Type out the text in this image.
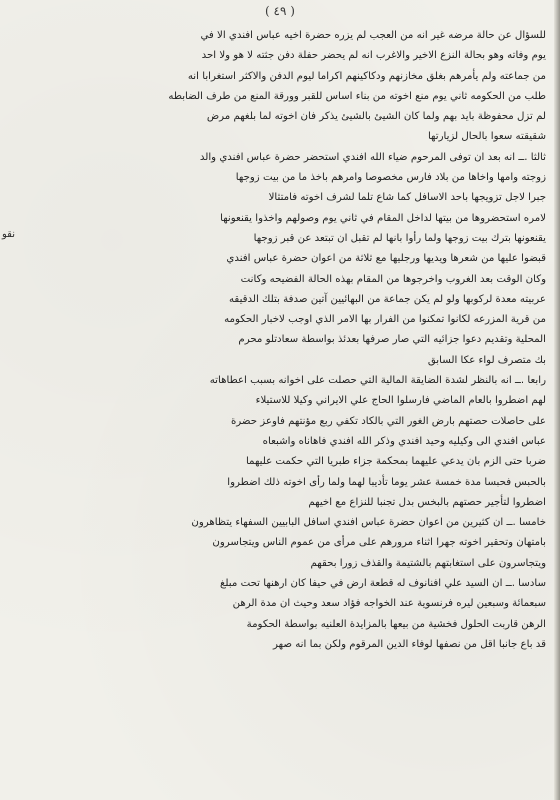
( ٤٩ )
نقو
للسؤال عن حالة مرضه غير انه من العجب لم يزره حضرة اخيه عباس افندي الا في
يوم وفاته وهو بحالة النزع الاخير والاغرب انه لم يحضر حفلة دفن جثته لا هو ولا احد
من جماعته ولم يأمرهم بغلق مخازنهم ودكاكينهم اكراما ليوم الدفن والاكثر استغرابا انه
طلب من الحكومه ثاني يوم منع اخوته من بناء اساس للقبر وورقة المنع من طرف الضابطه
لم تزل محفوظة بايد بهم ولما كان الشيئ بالشيئ يذكر فان اخوته لما بلغهم مرض
شقيقته سعوا بالحال لزيارتها
ثالثا .ــ انه بعد ان توفى المرحوم ضياء الله افندي استحضر حضرة عباس افندي والد
زوجته وامها واخاها من بلاد فارس مخصوصا وامرهم باخذ ما من بيت زوجها
جبرا لاجل تزويجها باحد الاسافل كما شاع تلما لشرف اخوته فامتثالا
لامره استحضروها من بيتها لداخل المقام في ثاني يوم وصولهم واخذوا يقنعونها
يقنعونها بترك بيت زوجها ولما رأوا بانها لم تقبل ان تبتعد عن قبر زوجها
قبضوا عليها من شعرها ويديها ورجليها مع ثلاثة من اعوان حضرة عباس افندي
وكان الوقت بعد الغروب واخرجوها من المقام بهذه الحالة الفضيحه وكانت
عربيته معدة لركوبها ولو لم يكن جماعة من البهائيين آتين صدفة بتلك الدقيقه
من قرية المزرعه لكانوا تمكنوا من الفرار بها الامر الذي اوجب لاخبار الحكومه
المحلية وتقديم دعوا جزائيه التي صار صرفها بعدئذ بواسطة سعادتلو محرم
بك متصرف لواء عكا السابق
رابعا .ــ انه بالنظر لشدة الضايقة المالية التي حصلت على اخوانه بسبب اعطاهاته
لهم اضطروا بالعام الماضي فارسلوا الحاج علي الايراني وكيلا للاستيلاء
على حاصلات حصتهم بارض الغور التي بالكاد تكفي ربع مؤنتهم فاوعز حضرة
عباس افندي الى وكيليه وحيد افندي وذكر الله افندي فاهاناه واشبعاه
ضربا حتى الزم بان يدعي عليهما بمحكمة جزاء طبريا التي حكمت عليهما
بالحبس فحبسا مدة خمسة عشر يوما تأديبا لهما ولما رأى اخوته ذلك اضطروا
اضطروا لتأجير حصتهم بالبخس بدل تجنبا للنزاع مع اخيهم
خامسا .ــ ان كثيرين من اعوان حضرة عباس افندي اسافل البابيين السفهاء يتظاهرون
بامتهان وتحقير اخوته جهرا اثناء مرورهم على مرأى من عموم الناس ويتجاسرون
ويتجاسرون على استغابتهم بالشتيمة والقذف زورا بحقهم
سادسا .ــ ان السيد علي افنانوف له قطعة ارض في حيفا كان ارهنها تحت مبلغ
سبعمائة وسبعين ليره فرنسوية عند الخواجه فؤاد سعد وحيث ان مدة الرهن
الرهن قاربت الحلول فخشية من بيعها بالمزايدة العلنيه بواسطة الحكومة
قد باع جانبا اقل من نصفها لوفاء الدين المرقوم ولكن بما انه صهر
